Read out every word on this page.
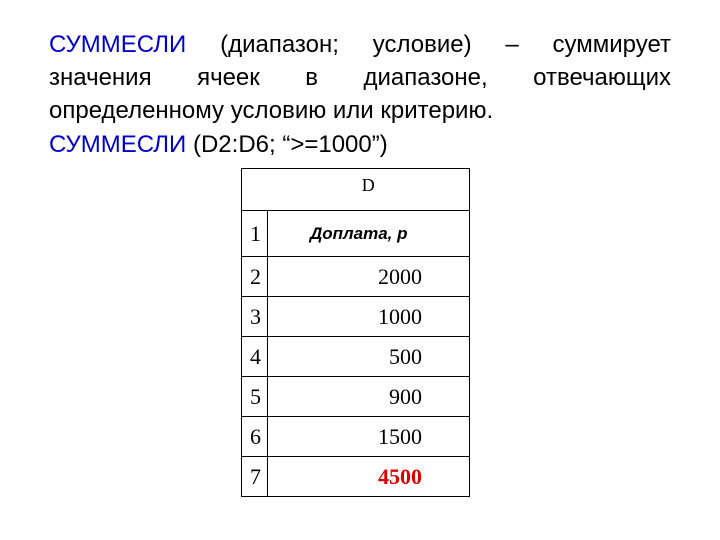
СУММЕСЛИ (диапазон; условие) – суммирует значения ячеек в диапазоне, отвечающих определенному условию или критерию.

СУММЕСЛИ (D2:D6; “>=1000”)

	D
1	Доплата, р
2	2000
3	1000
4	500
5	900
6	1500
7	4500
